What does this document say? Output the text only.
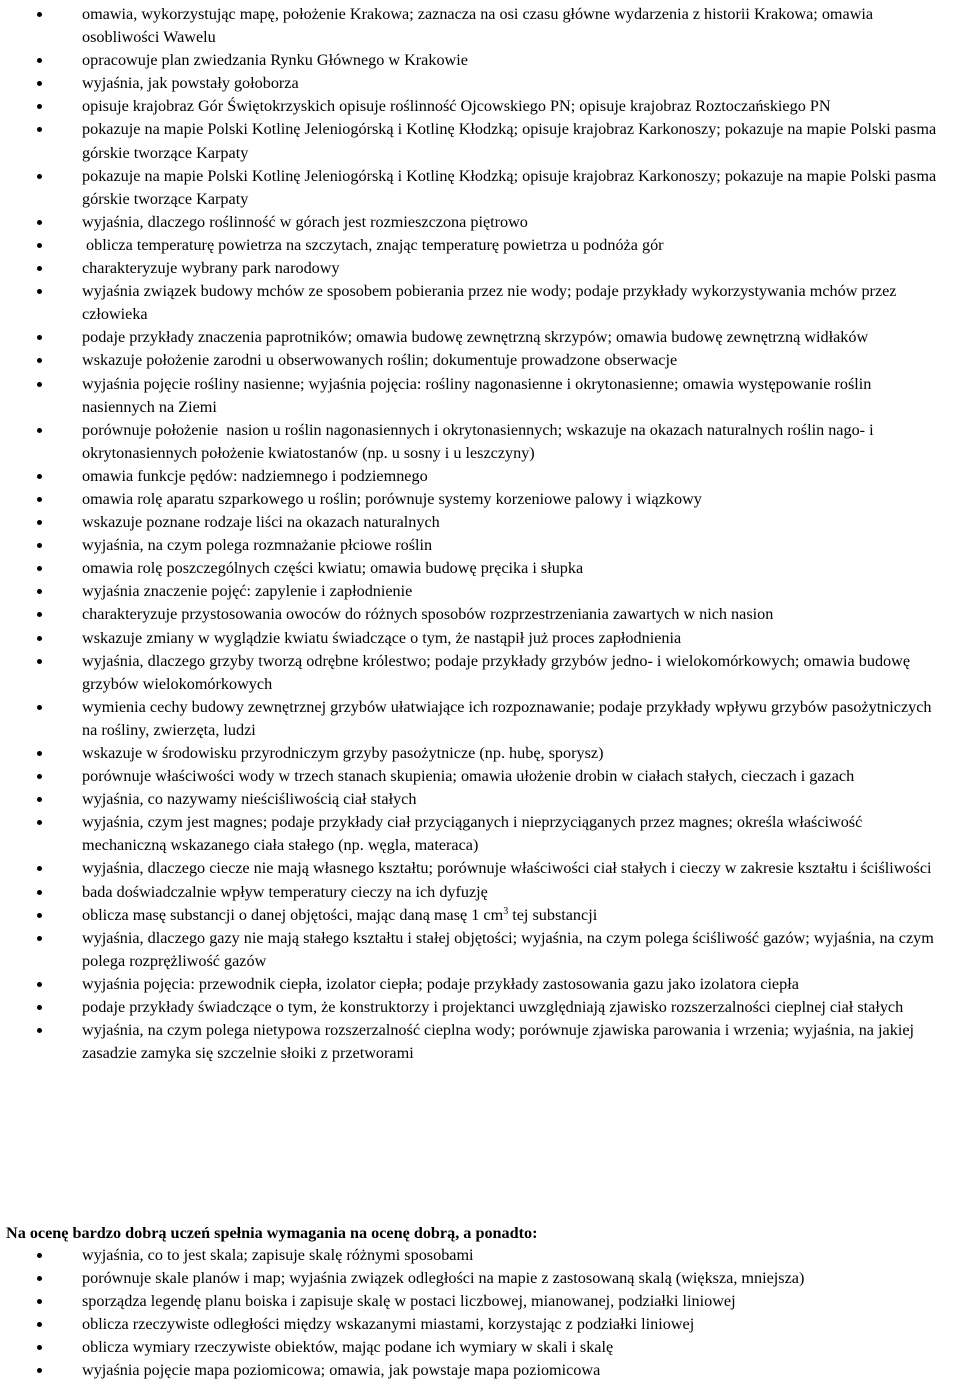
omawia, wykorzystując mapę, położenie Krakowa; zaznacza na osi czasu główne wydarzenia z historii Krakowa; omawia osobliwości Wawelu
opracowuje plan zwiedzania Rynku Głównego w Krakowie
wyjaśnia, jak powstały gołoborza
opisuje krajobraz Gór Świętokrzyskich opisuje roślinność Ojcowskiego PN; opisuje krajobraz Roztoczańskiego PN
pokazuje na mapie Polski Kotlinę Jeleniogórską i Kotlinę Kłodzką; opisuje krajobraz Karkonoszy; pokazuje na mapie Polski pasma górskie tworzące Karpaty
pokazuje na mapie Polski Kotlinę Jeleniogórską i Kotlinę Kłodzką; opisuje krajobraz Karkonoszy; pokazuje na mapie Polski pasma górskie tworzące Karpaty
wyjaśnia, dlaczego roślinność w górach jest rozmieszczona piętrowo
oblicza temperaturę powietrza na szczytach, znając temperaturę powietrza u podnóża gór
charakteryzuje wybrany park narodowy
wyjaśnia związek budowy mchów ze sposobem pobierania przez nie wody; podaje przykłady wykorzystywania mchów przez człowieka
podaje przykłady znaczenia paprotników; omawia budowę zewnętrzną skrzypów; omawia budowę zewnętrzną widłaków
wskazuje położenie zarodni u obserwowanych roślin; dokumentuje prowadzone obserwacje
wyjaśnia pojęcie rośliny nasienne; wyjaśnia pojęcia: rośliny nagonasienne i okrytonasienne; omawia występowanie roślin nasiennych na Ziemi
porównuje położenie  nasion u roślin nagonasiennych i okrytonasiennych; wskazuje na okazach naturalnych roślin nago- i okrytonasiennych położenie kwiatostanów (np. u sosny i u leszczyny)
omawia funkcje pędów: nadziemnego i podziemnego
omawia rolę aparatu szparkowego u roślin; porównuje systemy korzeniowe palowy i wiązkowy
wskazuje poznane rodzaje liści na okazach naturalnych
wyjaśnia, na czym polega rozmnażanie płciowe roślin
omawia rolę poszczególnych części kwiatu; omawia budowę pręcika i słupka
wyjaśnia znaczenie pojęć: zapylenie i zapłodnienie
charakteryzuje przystosowania owoców do różnych sposobów rozprzestrzeniania zawartych w nich nasion
wskazuje zmiany w wyglądzie kwiatu świadczące o tym, że nastąpił już proces zapłodnienia
wyjaśnia, dlaczego grzyby tworzą odrębne królestwo; podaje przykłady grzybów jedno- i wielokomórkowych; omawia budowę grzybów wielokomórkowych
wymienia cechy budowy zewnętrznej grzybów ułatwiające ich rozpoznawanie; podaje przykłady wpływu grzybów pasożytniczych na rośliny, zwierzęta, ludzi
wskazuje w środowisku przyrodniczym grzyby pasożytnicze (np. hubę, sporysz)
porównuje właściwości wody w trzech stanach skupienia; omawia ułożenie drobin w ciałach stałych, cieczach i gazach
wyjaśnia, co nazywamy nieściśliwością ciał stałych
wyjaśnia, czym jest magnes; podaje przykłady ciał przyciąganych i nieprzyciąganych przez magnes; określa właściwość mechaniczną wskazanego ciała stałego (np. węgla, materaca)
wyjaśnia, dlaczego ciecze nie mają własnego kształtu; porównuje właściwości ciał stałych i cieczy w zakresie kształtu i ściśliwości
bada doświadczalnie wpływ temperatury cieczy na ich dyfuzję
oblicza masę substancji o danej objętości, mając daną masę 1 $cm^3$ tej substancji
wyjaśnia, dlaczego gazy nie mają stałego kształtu i stałej objętości; wyjaśnia, na czym polega ściśliwość gazów; wyjaśnia, na czym polega rozprężliwość gazów
wyjaśnia pojęcia: przewodnik ciepła, izolator ciepła; podaje przykłady zastosowania gazu jako izolatora ciepła
podaje przykłady świadczące o tym, że konstruktorzy i projektanci uwzględniają zjawisko rozszerzalności cieplnej ciał stałych
wyjaśnia, na czym polega nietypowa rozszerzalność cieplna wody; porównuje zjawiska parowania i wrzenia; wyjaśnia, na jakiej zasadzie zamyka się szczelnie słoiki z przetworami
Na ocenę bardzo dobrą uczeń spełnia wymagania na ocenę dobrą, a ponadto:
wyjaśnia, co to jest skala; zapisuje skalę różnymi sposobami
porównuje skale planów i map; wyjaśnia związek odległości na mapie z zastosowaną skalą (większa, mniejsza)
sporządza legendę planu boiska i zapisuje skalę w postaci liczbowej, mianowanej, podziałki liniowej
oblicza rzeczywiste odległości między wskazanymi miastami, korzystając z podziałki liniowej
oblicza wymiary rzeczywiste obiektów, mając podane ich wymiary w skali i skalę
wyjaśnia pojęcie mapa poziomicowa; omawia, jak powstaje mapa poziomicowa
